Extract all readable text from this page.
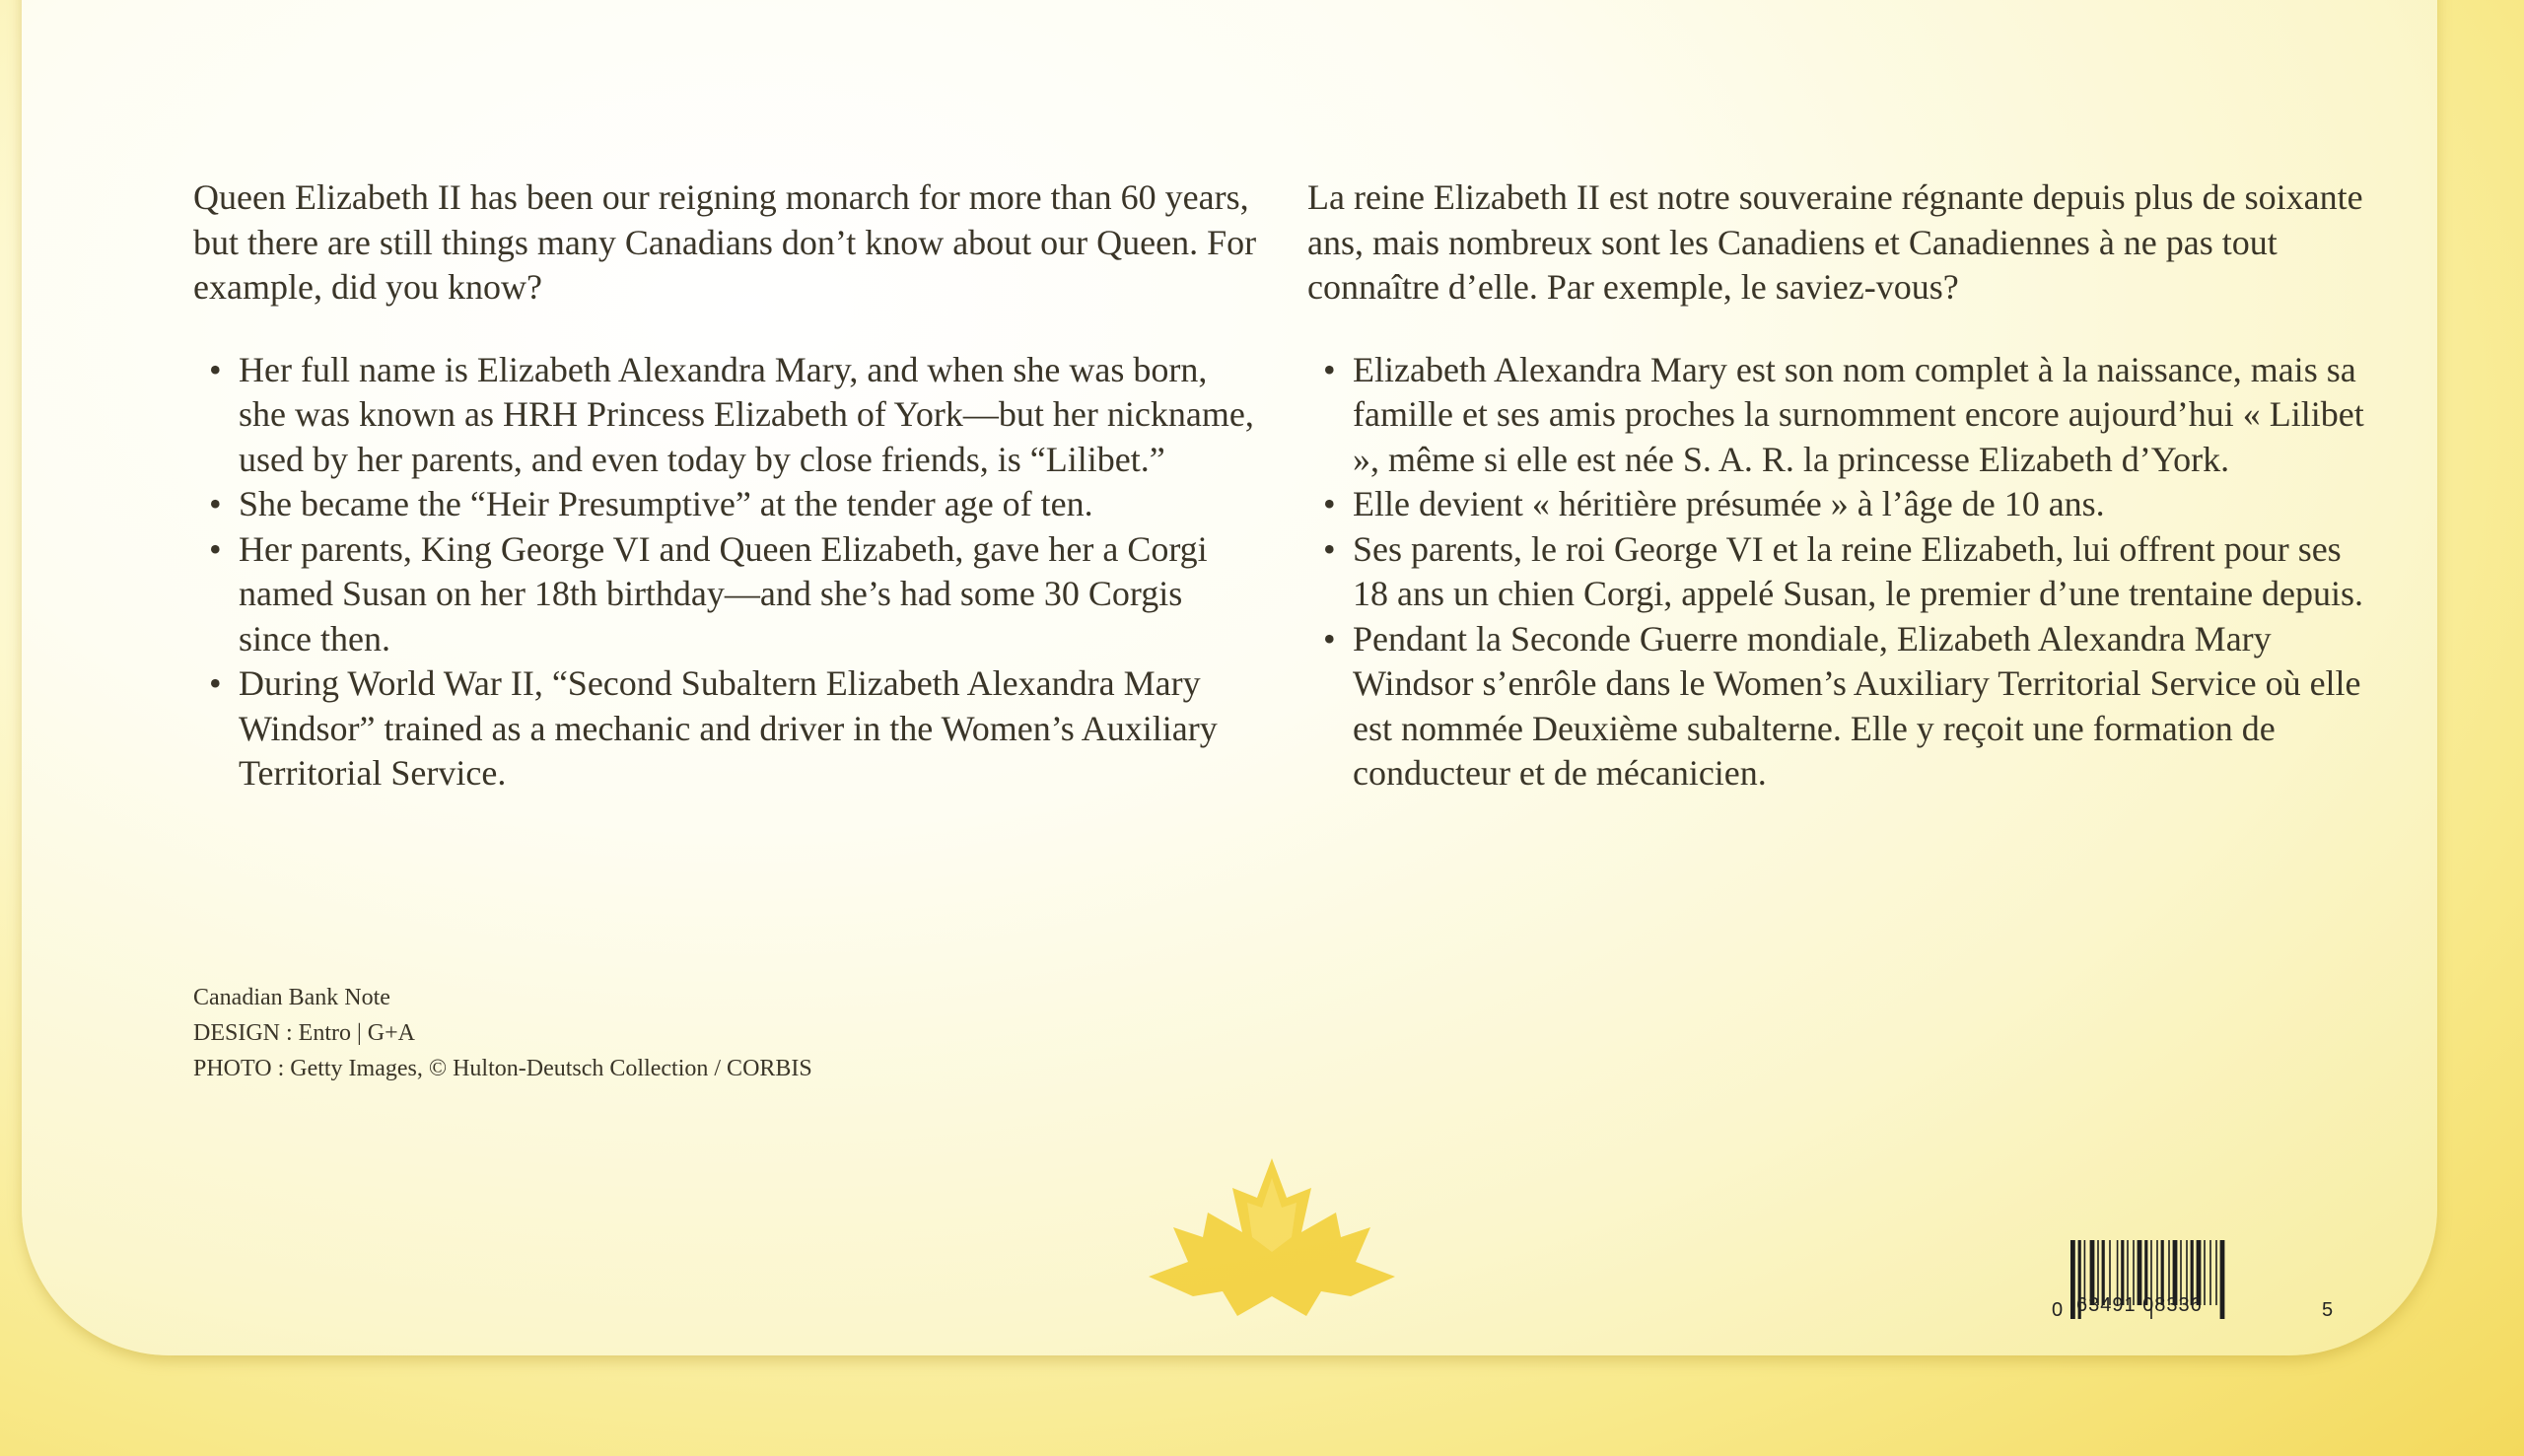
Queen Elizabeth II has been our reigning monarch for more than 60 years, but there are still things many Canadians don’t know about our Queen. For example, did you know?

• Her full name is Elizabeth Alexandra Mary, and when she was born, she was known as HRH Princess Elizabeth of York—but her nickname, used by her parents, and even today by close friends, is “Lilibet.”
• She became the “Heir Presumptive” at the tender age of ten.
• Her parents, King George VI and Queen Elizabeth, gave her a Corgi named Susan on her 18th birthday—and she’s had some 30 Corgis since then.
• During World War II, “Second Subaltern Elizabeth Alexandra Mary Windsor” trained as a mechanic and driver in the Women’s Auxiliary Territorial Service.

La reine Elizabeth II est notre souveraine régnante depuis plus de soixante ans, mais nombreux sont les Canadiens et Canadiennes à ne pas tout connaître d’elle. Par exemple, le saviez-vous?

• Elizabeth Alexandra Mary est son nom complet à la naissance, mais sa famille et ses amis proches la surnomment encore aujourd’hui « Lilibet », même si elle est née S. A. R. la princesse Elizabeth d’York.
• Elle devient « héritière présumée » à l’âge de 10 ans.
• Ses parents, le roi George VI et la reine Elizabeth, lui offrent pour ses 18 ans un chien Corgi, appelé Susan, le premier d’une trentaine depuis.
• Pendant la Seconde Guerre mondiale, Elizabeth Alexandra Mary Windsor s’enrôle dans le Women’s Auxiliary Territorial Service où elle est nommée Deuxième subalterne. Elle y reçoit une formation de conducteur et de mécanicien.
Canadian Bank Note
DESIGN : Entro | G+A
PHOTO : Getty Images, © Hulton-Deutsch Collection / CORBIS
0 63491 08336	5
